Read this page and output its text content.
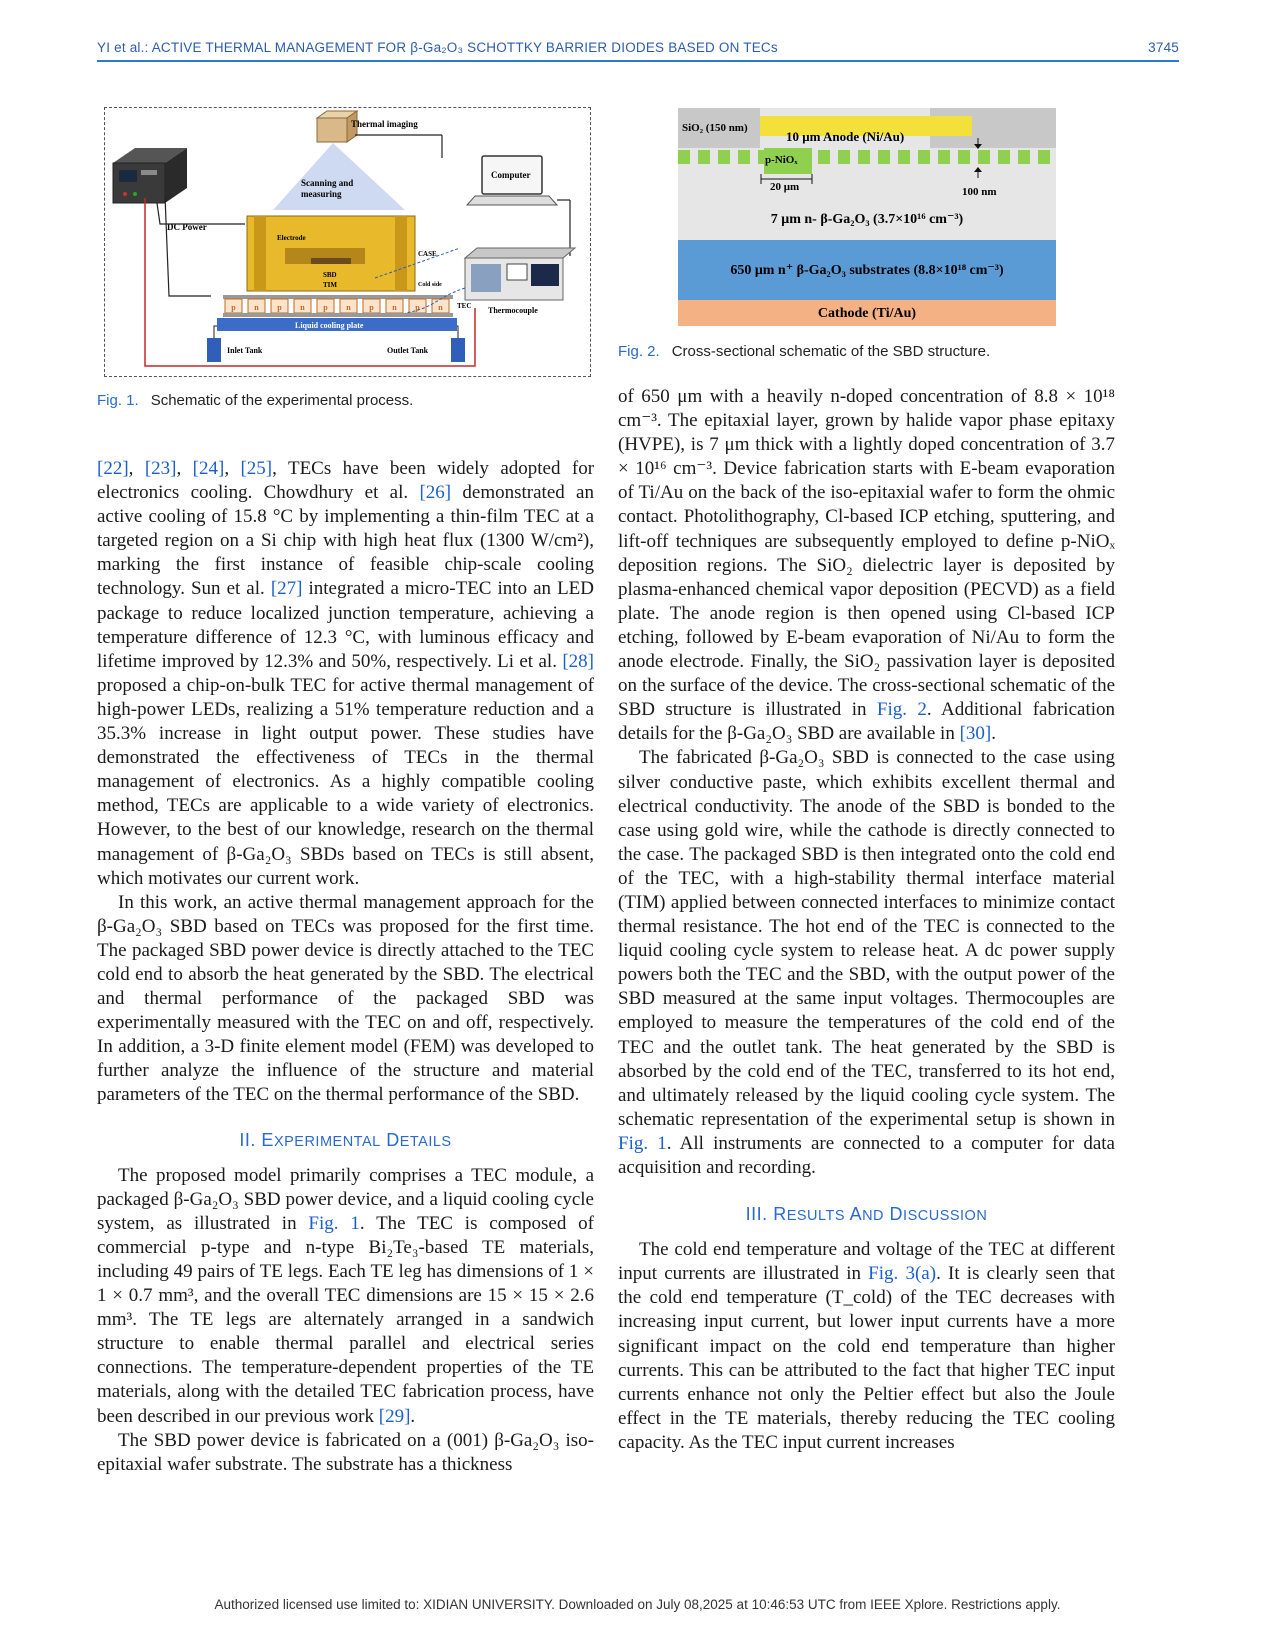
YI et al.: ACTIVE THERMAL MANAGEMENT FOR β-Ga₂O₃ SCHOTTKY BARRIER DIODES BASED ON TECs	3745
Thermal imaging
Scanning and
measuring
Computer
DC Power
Electrode
SBD
TIM
CASE
Cold side
p n p n p n p n p n TEC
Liquid cooling plate
Inlet Tank	Outlet Tank
Thermocouple
Fig. 1. Schematic of the experimental process.
SiO₂ (150 nm)
10 μm Anode (Ni/Au)
p-NiOₓ
20 μm	100 nm
7 μm n- β-Ga₂O₃ (3.7×10¹⁶ cm⁻³)
650 μm n⁺ β-Ga₂O₃ substrates (8.8×10¹⁸ cm⁻³)
Cathode (Ti/Au)
Fig. 2. Cross-sectional schematic of the SBD structure.

[22], [23], [24], [25], TECs have been widely adopted for electronics cooling. Chowdhury et al. [26] demonstrated an active cooling of 15.8 °C by implementing a thin-film TEC at a targeted region on a Si chip with high heat flux (1300 W/cm²), marking the first instance of feasible chip-scale cooling technology. Sun et al. [27] integrated a micro-TEC into an LED package to reduce localized junction temperature, achieving a temperature difference of 12.3 °C, with luminous efficacy and lifetime improved by 12.3% and 50%, respectively. Li et al. [28] proposed a chip-on-bulk TEC for active thermal management of high-power LEDs, realizing a 51% temperature reduction and a 35.3% increase in light output power. These studies have demonstrated the effectiveness of TECs in the thermal management of electronics. As a highly compatible cooling method, TECs are applicable to a wide variety of electronics. However, to the best of our knowledge, research on the thermal management of β-Ga₂O₃ SBDs based on TECs is still absent, which motivates our current work.

In this work, an active thermal management approach for the β-Ga₂O₃ SBD based on TECs was proposed for the first time. The packaged SBD power device is directly attached to the TEC cold end to absorb the heat generated by the SBD. The electrical and thermal performance of the packaged SBD was experimentally measured with the TEC on and off, respectively. In addition, a 3-D finite element model (FEM) was developed to further analyze the influence of the structure and material parameters of the TEC on the thermal performance of the SBD.

II. EXPERIMENTAL DETAILS

The proposed model primarily comprises a TEC module, a packaged β-Ga₂O₃ SBD power device, and a liquid cooling cycle system, as illustrated in Fig. 1. The TEC is composed of commercial p-type and n-type Bi₂Te₃-based TE materials, including 49 pairs of TE legs. Each TE leg has dimensions of 1 × 1 × 0.7 mm³, and the overall TEC dimensions are 15 × 15 × 2.6 mm³. The TE legs are alternately arranged in a sandwich structure to enable thermal parallel and electrical series connections. The temperature-dependent properties of the TE materials, along with the detailed TEC fabrication process, have been described in our previous work [29].

The SBD power device is fabricated on a (001) β-Ga₂O₃ iso-epitaxial wafer substrate. The substrate has a thickness

of 650 μm with a heavily n-doped concentration of 8.8 × 10¹⁸ cm⁻³. The epitaxial layer, grown by halide vapor phase epitaxy (HVPE), is 7 μm thick with a lightly doped concentration of 3.7 × 10¹⁶ cm⁻³. Device fabrication starts with E-beam evaporation of Ti/Au on the back of the iso-epitaxial wafer to form the ohmic contact. Photolithography, Cl-based ICP etching, sputtering, and lift-off techniques are subsequently employed to define p-NiOₓ deposition regions. The SiO₂ dielectric layer is deposited by plasma-enhanced chemical vapor deposition (PECVD) as a field plate. The anode region is then opened using Cl-based ICP etching, followed by E-beam evaporation of Ni/Au to form the anode electrode. Finally, the SiO₂ passivation layer is deposited on the surface of the device. The cross-sectional schematic of the SBD structure is illustrated in Fig. 2. Additional fabrication details for the β-Ga₂O₃ SBD are available in [30].

The fabricated β-Ga₂O₃ SBD is connected to the case using silver conductive paste, which exhibits excellent thermal and electrical conductivity. The anode of the SBD is bonded to the case using gold wire, while the cathode is directly connected to the case. The packaged SBD is then integrated onto the cold end of the TEC, with a high-stability thermal interface material (TIM) applied between connected interfaces to minimize contact thermal resistance. The hot end of the TEC is connected to the liquid cooling cycle system to release heat. A dc power supply powers both the TEC and the SBD, with the output power of the SBD measured at the same input voltages. Thermocouples are employed to measure the temperatures of the cold end of the TEC and the outlet tank. The heat generated by the SBD is absorbed by the cold end of the TEC, transferred to its hot end, and ultimately released by the liquid cooling cycle system. The schematic representation of the experimental setup is shown in Fig. 1. All instruments are connected to a computer for data acquisition and recording.

III. RESULTS AND DISCUSSION

The cold end temperature and voltage of the TEC at different input currents are illustrated in Fig. 3(a). It is clearly seen that the cold end temperature (T_cold) of the TEC decreases with increasing input current, but lower input currents have a more significant impact on the cold end temperature than higher currents. This can be attributed to the fact that higher TEC input currents enhance not only the Peltier effect but also the Joule effect in the TE materials, thereby reducing the TEC cooling capacity. As the TEC input current increases

Authorized licensed use limited to: XIDIAN UNIVERSITY. Downloaded on July 08,2025 at 10:46:53 UTC from IEEE Xplore. Restrictions apply.
